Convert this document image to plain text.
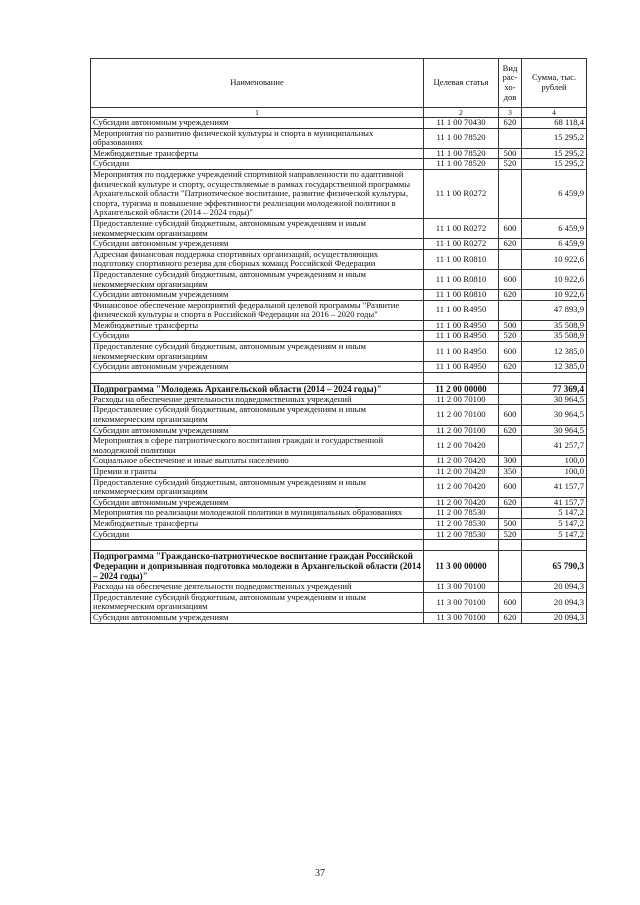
Наименование	Целевая статья	Вид рас-хо-дов	Сумма, тыс. рублей
1	2	3	4
Субсидии автономным учреждениям	11 1 00 70430	620	68 118,4
Мероприятия по развитию физической культуры и спорта в муниципальных образованиях	11 1 00 78520		15 295,2
Межбюджетные трансферты	11 1 00 78520	500	15 295,2
Субсидии	11 1 00 78520	520	15 295,2
Мероприятия по поддержке учреждений спортивной направленности по адаптивной физической культуре и спорту, осуществляемые в рамках государственной программы Архангельской области "Патриотическое воспитание, развитие физической культуры, спорта, туризма и повышение эффективности реализации молодежной политики в Архангельской области (2014 – 2024 годы)"	11 1 00 R0272		6 459,9
Предоставление субсидий бюджетным, автономным учреждениям и иным некоммерческим организациям	11 1 00 R0272	600	6 459,9
Субсидии автономным учреждениям	11 1 00 R0272	620	6 459,9
Адресная финансовая поддержка спортивных организаций, осуществляющих подготовку спортивного резерва для сборных команд Российской Федерации	11 1 00 R0810		10 922,6
Предоставление субсидий бюджетным, автономным учреждениям и иным некоммерческим организациям	11 1 00 R0810	600	10 922,6
Субсидии автономным учреждениям	11 1 00 R0810	620	10 922,6
Финансовое обеспечение мероприятий федеральной целевой программы "Развитие физической культуры и спорта в Российской Федерации на 2016 – 2020 годы"	11 1 00 R4950		47 893,9
Межбюджетные трансферты	11 1 00 R4950	500	35 508,9
Субсидии	11 1 00 R4950	520	35 508,9
Предоставление субсидий бюджетным, автономным учреждениям и иным некоммерческим организациям	11 1 00 R4950	600	12 385,0
Субсидии автономным учреждениям	11 1 00 R4950	620	12 385,0

Подпрограмма "Молодежь Архангельской области (2014 – 2024 годы)"	11 2 00 00000		77 369,4
Расходы на обеспечение деятельности подведомственных учреждений	11 2 00 70100		30 964,5
Предоставление субсидий бюджетным, автономным учреждениям и иным некоммерческим организациям	11 2 00 70100	600	30 964,5
Субсидии автономным учреждениям	11 2 00 70100	620	30 964,5
Мероприятия в сфере патриотического воспитания граждан и государственной молодежной политики	11 2 00 70420		41 257,7
Социальное обеспечение и иные выплаты населению	11 2 00 70420	300	100,0
Премии и гранты	11 2 00 70420	350	100,0
Предоставление субсидий бюджетным, автономным учреждениям и иным некоммерческим организациям	11 2 00 70420	600	41 157,7
Субсидии автономным учреждениям	11 2 00 70420	620	41 157,7
Мероприятия по реализации молодежной политики в муниципальных образованиях	11 2 00 78530		5 147,2
Межбюджетные трансферты	11 2 00 78530	500	5 147,2
Субсидии	11 2 00 78530	520	5 147,2

Подпрограмма "Гражданско-патриотическое воспитание граждан Российской Федерации и допризывная подготовка молодежи в Архангельской области (2014 – 2024 годы)"	11 3 00 00000		65 790,3
Расходы на обеспечение деятельности подведомственных учреждений	11 3 00 70100		20 094,3
Предоставление субсидий бюджетным, автономным учреждениям и иным некоммерческим организациям	11 3 00 70100	600	20 094,3
Субсидии автономным учреждениям	11 3 00 70100	620	20 094,3
37
